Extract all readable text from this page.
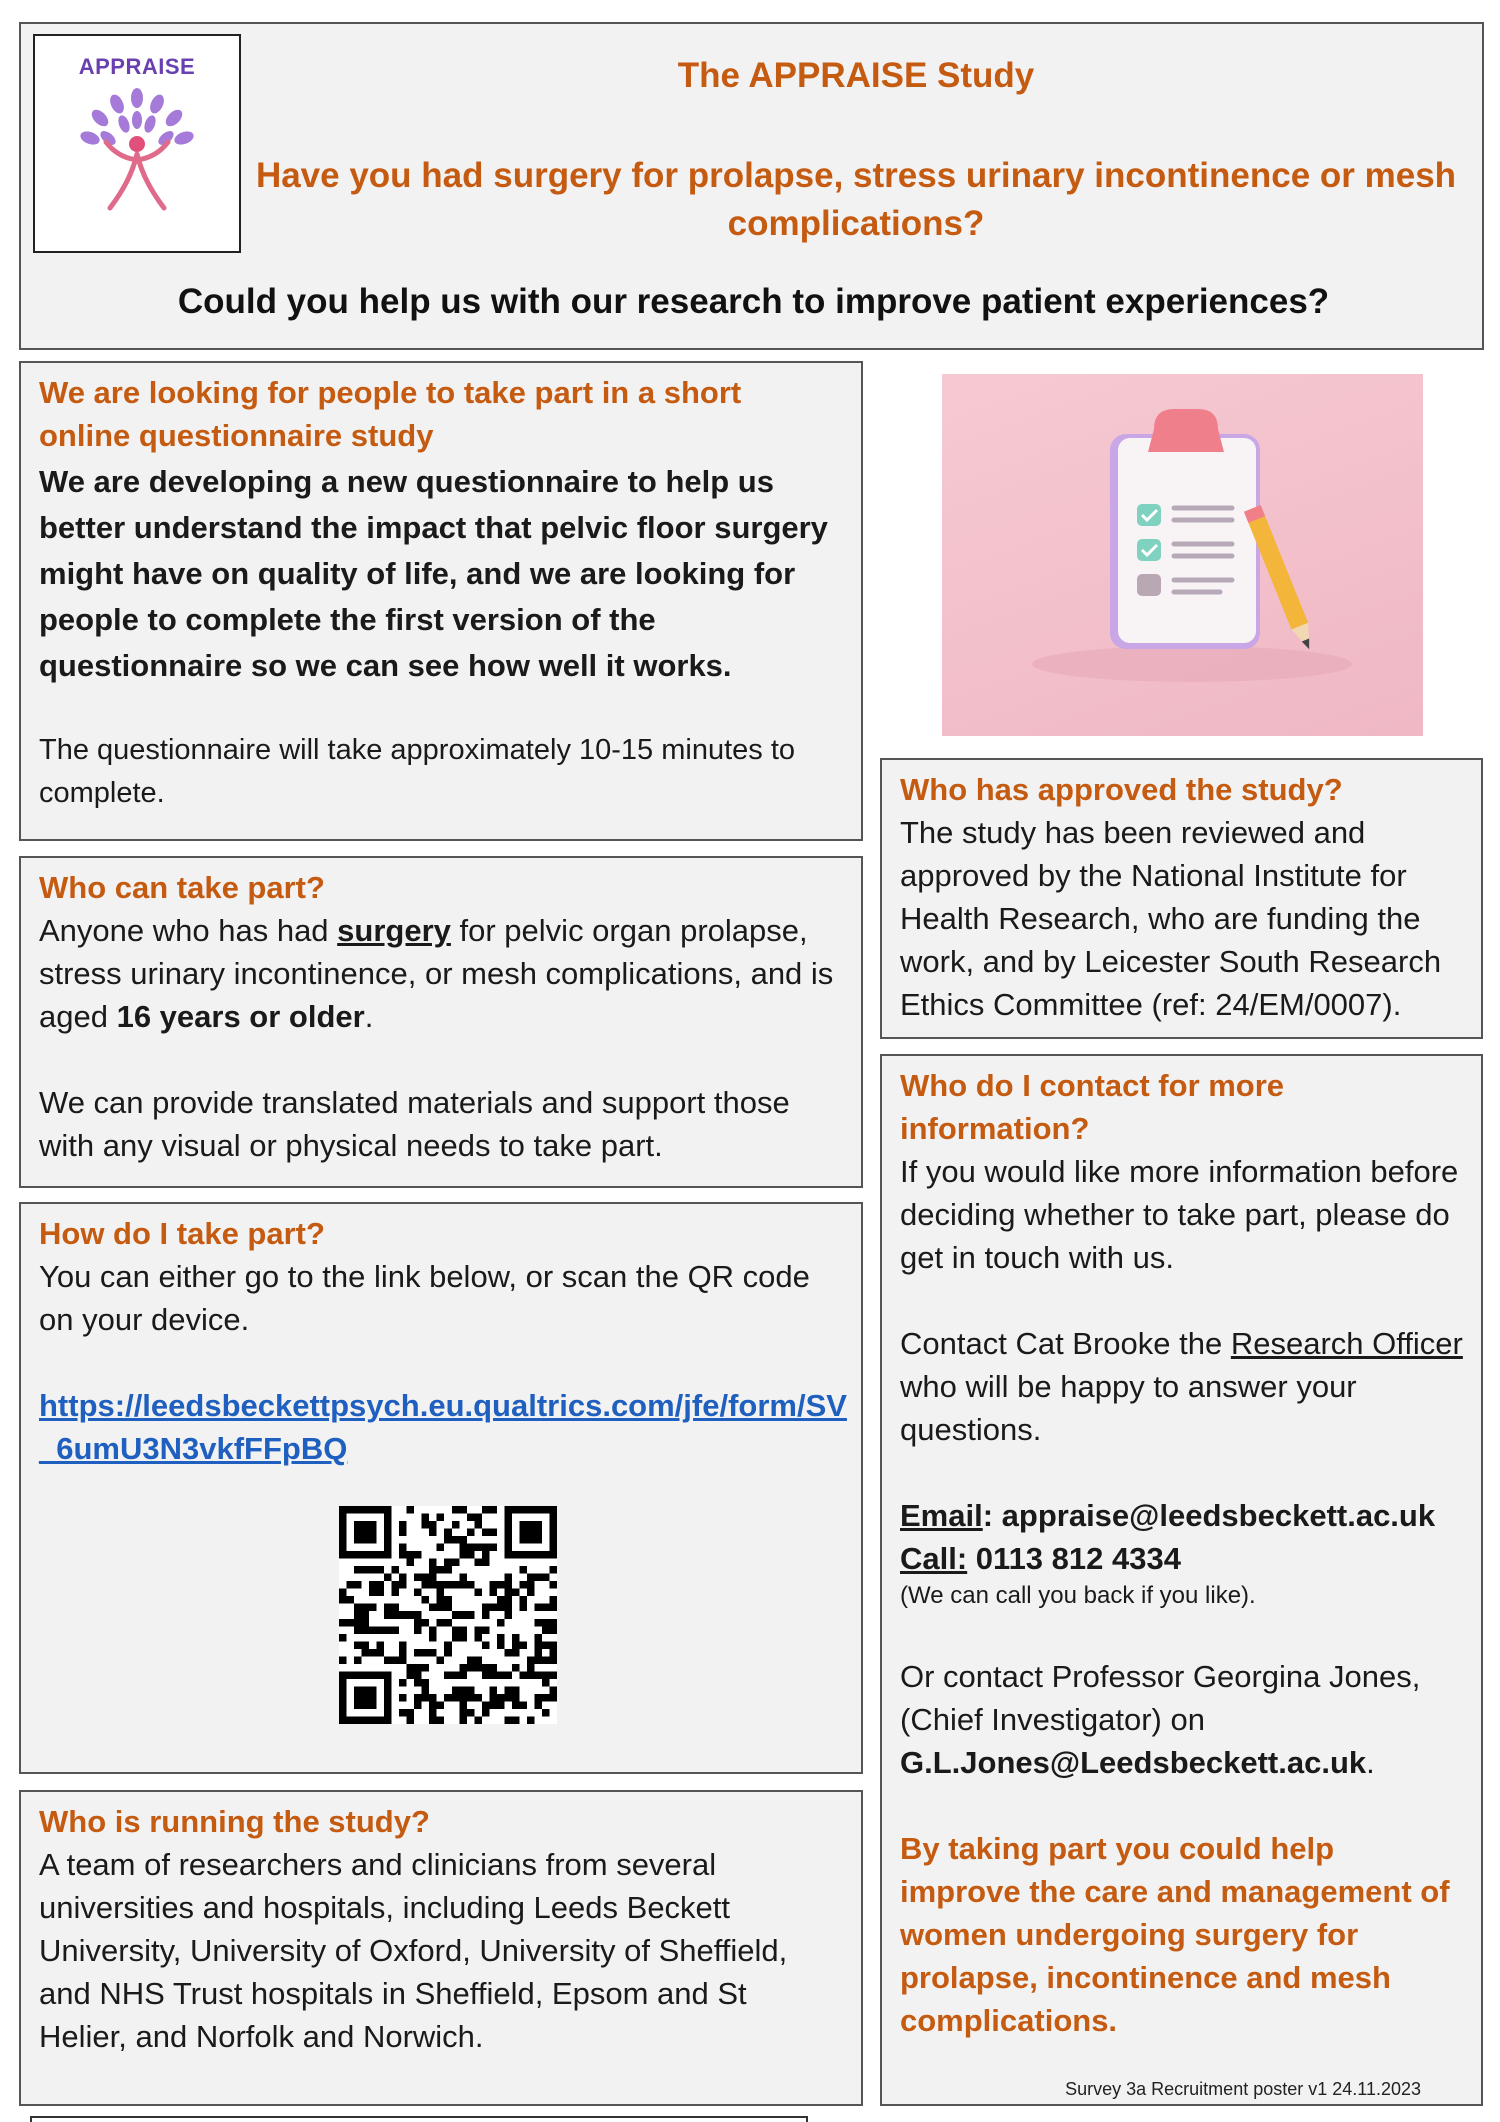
APPRAISE	The APPRAISE Study
Have you had surgery for prolapse, stress urinary incontinence or mesh complications?
Could you help us with our research to improve patient experiences?

We are looking for people to take part in a short online questionnaire study

We are developing a new questionnaire to help us better understand the impact that pelvic floor surgery might have on quality of life, and we are looking for people to complete the first version of the questionnaire so we can see how well it works.

The questionnaire will take approximately 10-15 minutes to complete.

Who can take part?

Anyone who has had surgery for pelvic organ prolapse, stress urinary incontinence, or mesh complications, and is aged 16 years or older.

We can provide translated materials and support those with any visual or physical needs to take part.

How do I take part?

You can either go to the link below, or scan the QR code on your device.

https://leedsbeckettpsych.eu.qualtrics.com/jfe/form/SV_6umU3N3vkfFFpBQ

Who is running the study?

A team of researchers and clinicians from several universities and hospitals, including Leeds Beckett University, University of Oxford, University of Sheffield, and NHS Trust hospitals in Sheffield, Epsom and St Helier, and Norfolk and Norwich.

Who has approved the study?

The study has been reviewed and approved by the National Institute for Health Research, who are funding the work, and by Leicester South Research Ethics Committee (ref: 24/EM/0007).

Who do I contact for more information?

If you would like more information before deciding whether to take part, please do get in touch with us.

Contact Cat Brooke the Research Officer who will be happy to answer your questions.

Email: appraise@leedsbeckett.ac.uk

Call: 0113 812 4334

(We can call you back if you like).

Or contact Professor Georgina Jones, (Chief Investigator) on G.L.Jones@Leedsbeckett.ac.uk.

By taking part you could help improve the care and management of women undergoing surgery for prolapse, incontinence and mesh complications.

Survey 3a Recruitment poster v1 24.11.2023
